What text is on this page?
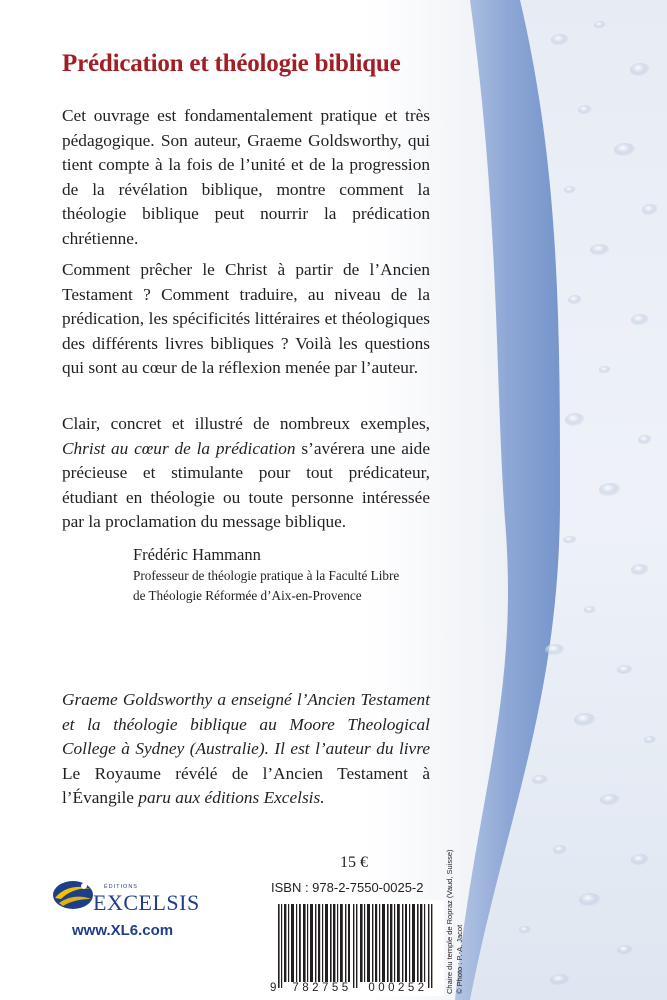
Prédication et théologie biblique

Cet ouvrage est fondamentalement pratique et très pédagogique. Son auteur, Graeme Goldsworthy, qui tient compte à la fois de l’unité et de la progression de la révélation biblique, montre comment la théologie biblique peut nourrir la prédication chrétienne.

Comment prêcher le Christ à partir de l’Ancien Testament ? Comment traduire, au niveau de la prédication, les spécificités littéraires et théologiques des différents livres bibliques ? Voilà les questions qui sont au cœur de la réflexion menée par l’auteur.

Clair, concret et illustré de nombreux exemples, Christ au cœur de la prédication s’avérera une aide précieuse et stimulante pour tout prédicateur, étudiant en théologie ou toute personne intéressée par la proclamation du message biblique.

Frédéric Hammann
Professeur de théologie pratique à la Faculté Libre
de Théologie Réformée d’Aix-en-Provence

Graeme Goldsworthy a enseigné l’Ancien Testament et la théologie biblique au Moore Theological College à Sydney (Australie). Il est l’auteur du livre Le Royaume révélé de l’Ancien Testament à l’Évangile paru aux éditions Excelsis.

15 €
ISBN : 978-2-7550-0025-2
9	782755	000252
ÉDITIONS
EXCELSIS
www.XL6.com	Chaire du temple de Ropraz (Vaud, Suisse) © Photo : P.-A. Jacot
